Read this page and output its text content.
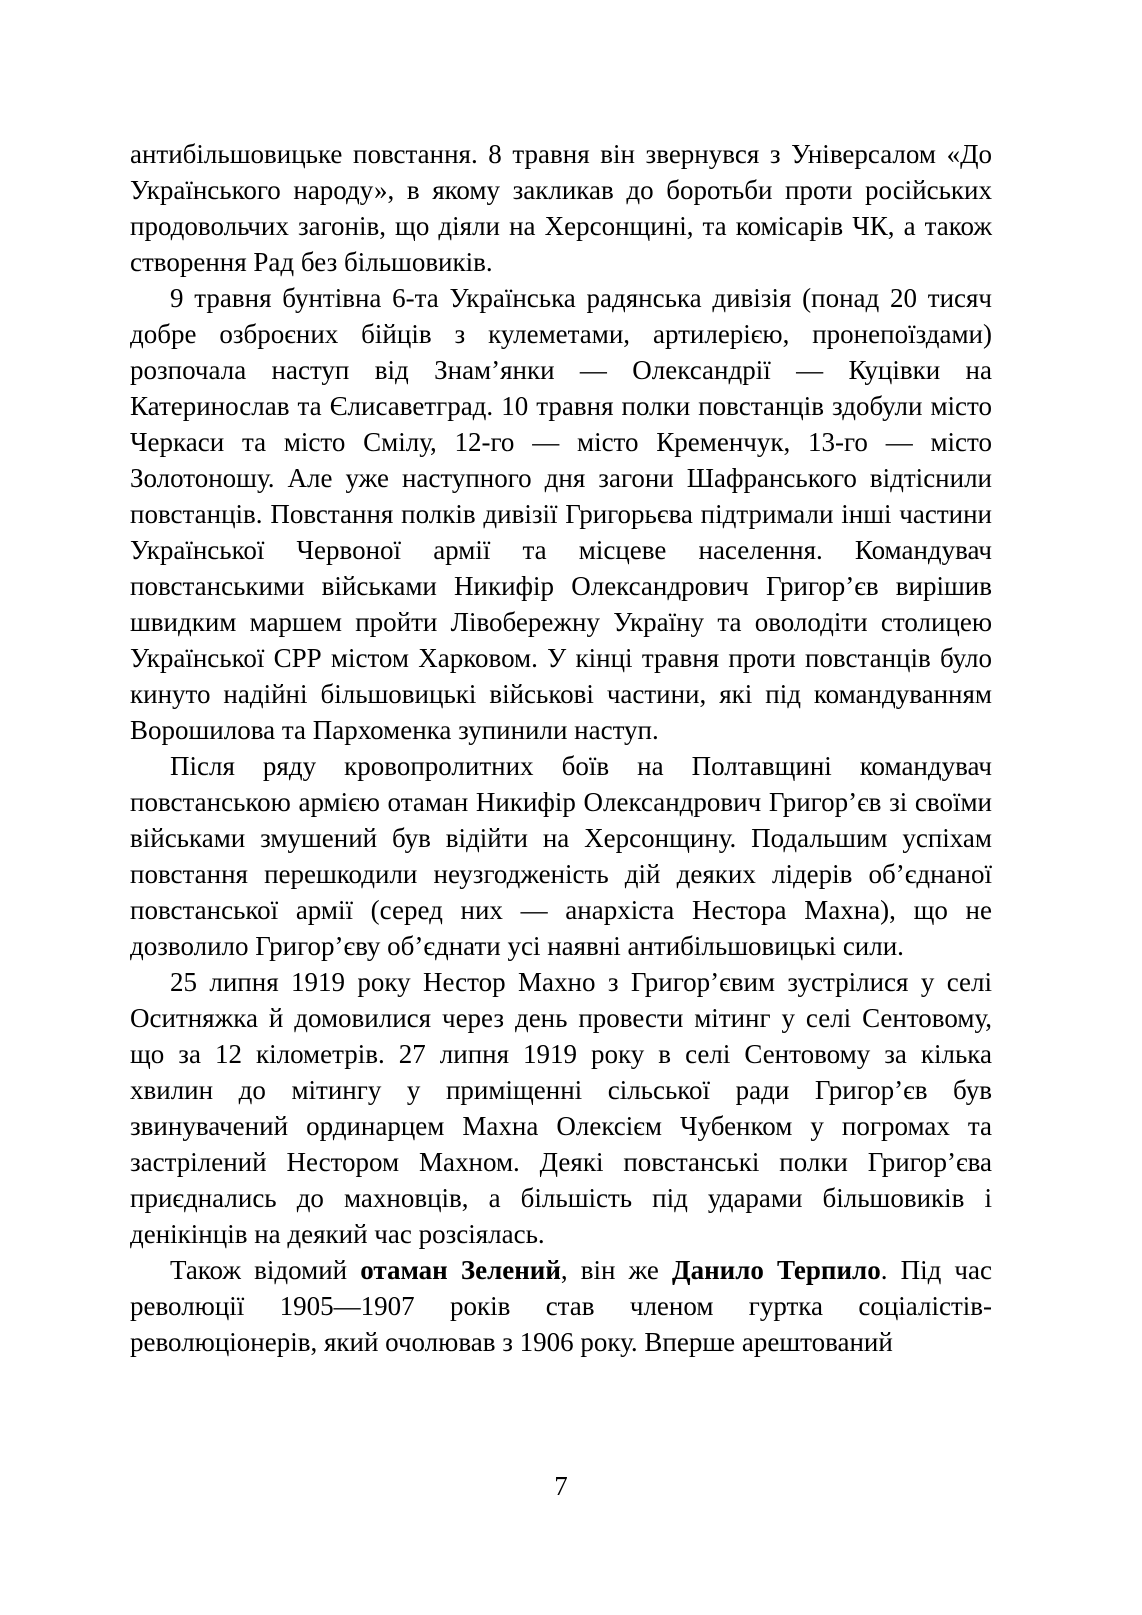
антибільшовицьке повстання. 8 травня він звернувся з Універсалом «До Українського народу», в якому закликав до боротьби проти російських продовольчих загонів, що діяли на Херсонщині, та комісарів ЧК, а також створення Рад без більшовиків.

9 травня бунтівна 6-та Українська радянська дивізія (понад 20 тисяч добре озброєних бійців з кулеметами, артилерією, пронепоїздами) розпочала наступ від Знам’янки — Олександрії — Куцівки на Катеринослав та Єлисаветград. 10 травня полки повстанців здобули місто Черкаси та місто Смілу, 12-го — місто Кременчук, 13-го — місто Золотоношу. Але уже наступного дня загони Шафранського відтіснили повстанців. Повстання полків дивізії Григорьєва підтримали інші частини Української Червоної армії та місцеве населення. Командувач повстанськими військами Никифір Олександрович Григор’єв вирішив швидким маршем пройти Лівобережну Україну та оволодіти столицею Української СРР містом Харковом. У кінці травня проти повстанців було кинуто надійні більшовицькі військові частини, які під командуванням Ворошилова та Пархоменка зупинили наступ.

Після ряду кровопролитних боїв на Полтавщині командувач повстанською армією отаман Никифір Олександрович Григор’єв зі своїми військами змушений був відійти на Херсонщину. Подальшим успіхам повстання перешкодили неузгодженість дій деяких лідерів об’єднаної повстанської армії (серед них — анархіста Нестора Махна), що не дозволило Григор’єву об’єднати усі наявні антибільшовицькі сили.

25 липня 1919 року Нестор Махно з Григор’євим зустрілися у селі Оситняжка й домовилися через день провести мітинг у селі Сентовому, що за 12 кілометрів. 27 липня 1919 року в селі Сентовому за кілька хвилин до мітингу у приміщенні сільської ради Григор’єв був звинувачений ординарцем Махна Олексієм Чубенком у погромах та застрілений Нестором Махном. Деякі повстанські полки Григор’єва приєднались до махновців, а більшість під ударами більшовиків і денікінців на деякий час розсіялась.

Також відомий отаман Зелений, він же Данило Терпило. Під час революції 1905—1907 років став членом гуртка соціалістів-революціонерів, який очолював з 1906 року. Вперше арештований

7
